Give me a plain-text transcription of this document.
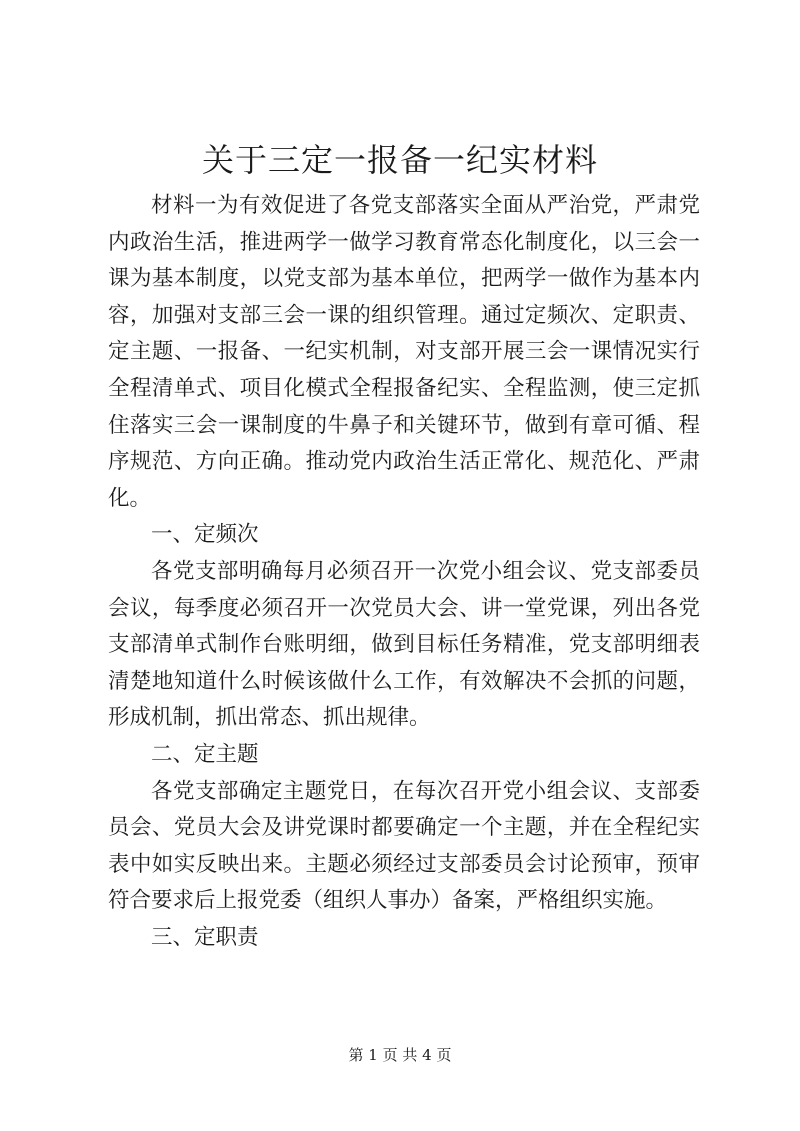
关于三定一报备一纪实材料

材料一为有效促进了各党支部落实全面从严治党，严肃党内政治生活，推进两学一做学习教育常态化制度化，以三会一课为基本制度，以党支部为基本单位，把两学一做作为基本内容，加强对支部三会一课的组织管理。通过定频次、定职责、定主题、一报备、一纪实机制，对支部开展三会一课情况实行全程清单式、项目化模式全程报备纪实、全程监测，使三定抓住落实三会一课制度的牛鼻子和关键环节，做到有章可循、程序规范、方向正确。推动党内政治生活正常化、规范化、严肃化。

一、定频次

各党支部明确每月必须召开一次党小组会议、党支部委员会议，每季度必须召开一次党员大会、讲一堂党课，列出各党支部清单式制作台账明细，做到目标任务精准，党支部明细表清楚地知道什么时候该做什么工作，有效解决不会抓的问题，形成机制，抓出常态、抓出规律。

二、定主题

各党支部确定主题党日，在每次召开党小组会议、支部委员会、党员大会及讲党课时都要确定一个主题，并在全程纪实表中如实反映出来。主题必须经过支部委员会讨论预审，预审符合要求后上报党委（组织人事办）备案，严格组织实施。

三、定职责

第 1 页 共 4 页
